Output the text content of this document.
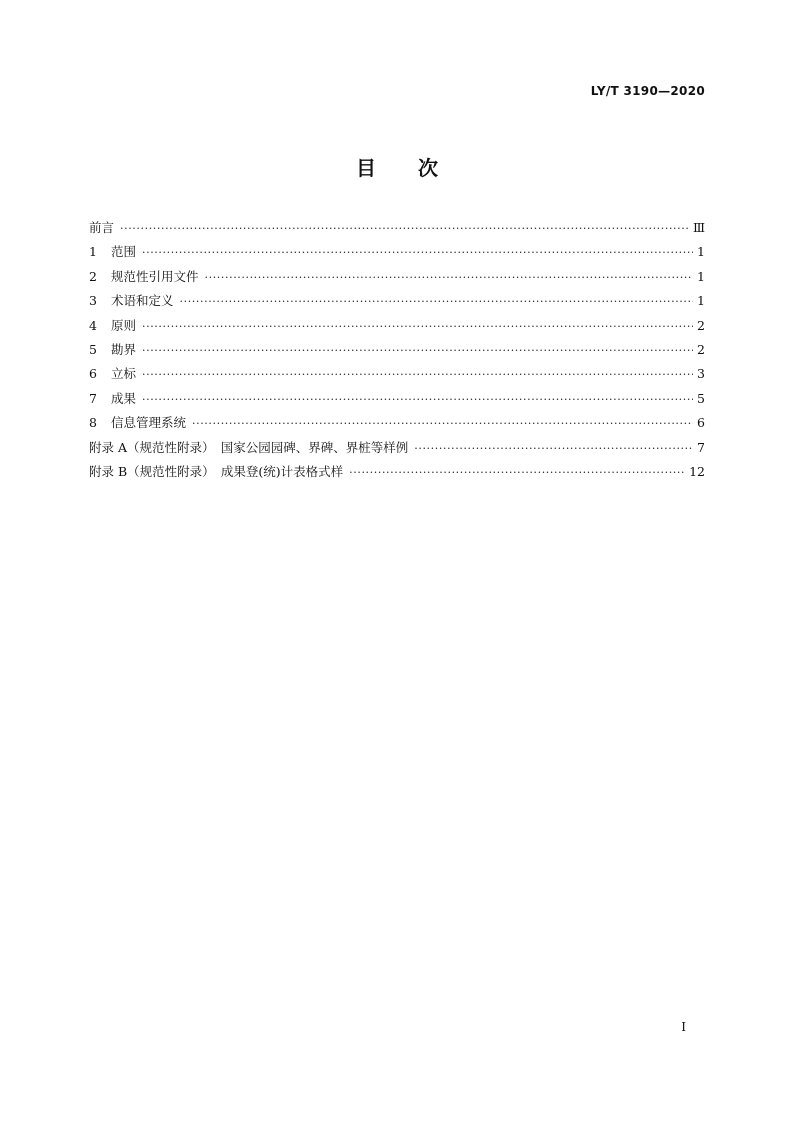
LY/T 3190—2020
目 次
前言 ·····	Ⅲ
1 范围 ·····	1
2 规范性引用文件 ·····	1
3 术语和定义 ·····	1
4 原则 ·····	2
5 勘界 ·····	2
6 立标 ·····	3
7 成果 ·····	5
8 信息管理系统 ·····	6
附录 A（规范性附录）　国家公园园碑、界碑、界桩等样例 ·····	7
附录 B（规范性附录）　成果登(统)计表格式样 ·····	12
I
